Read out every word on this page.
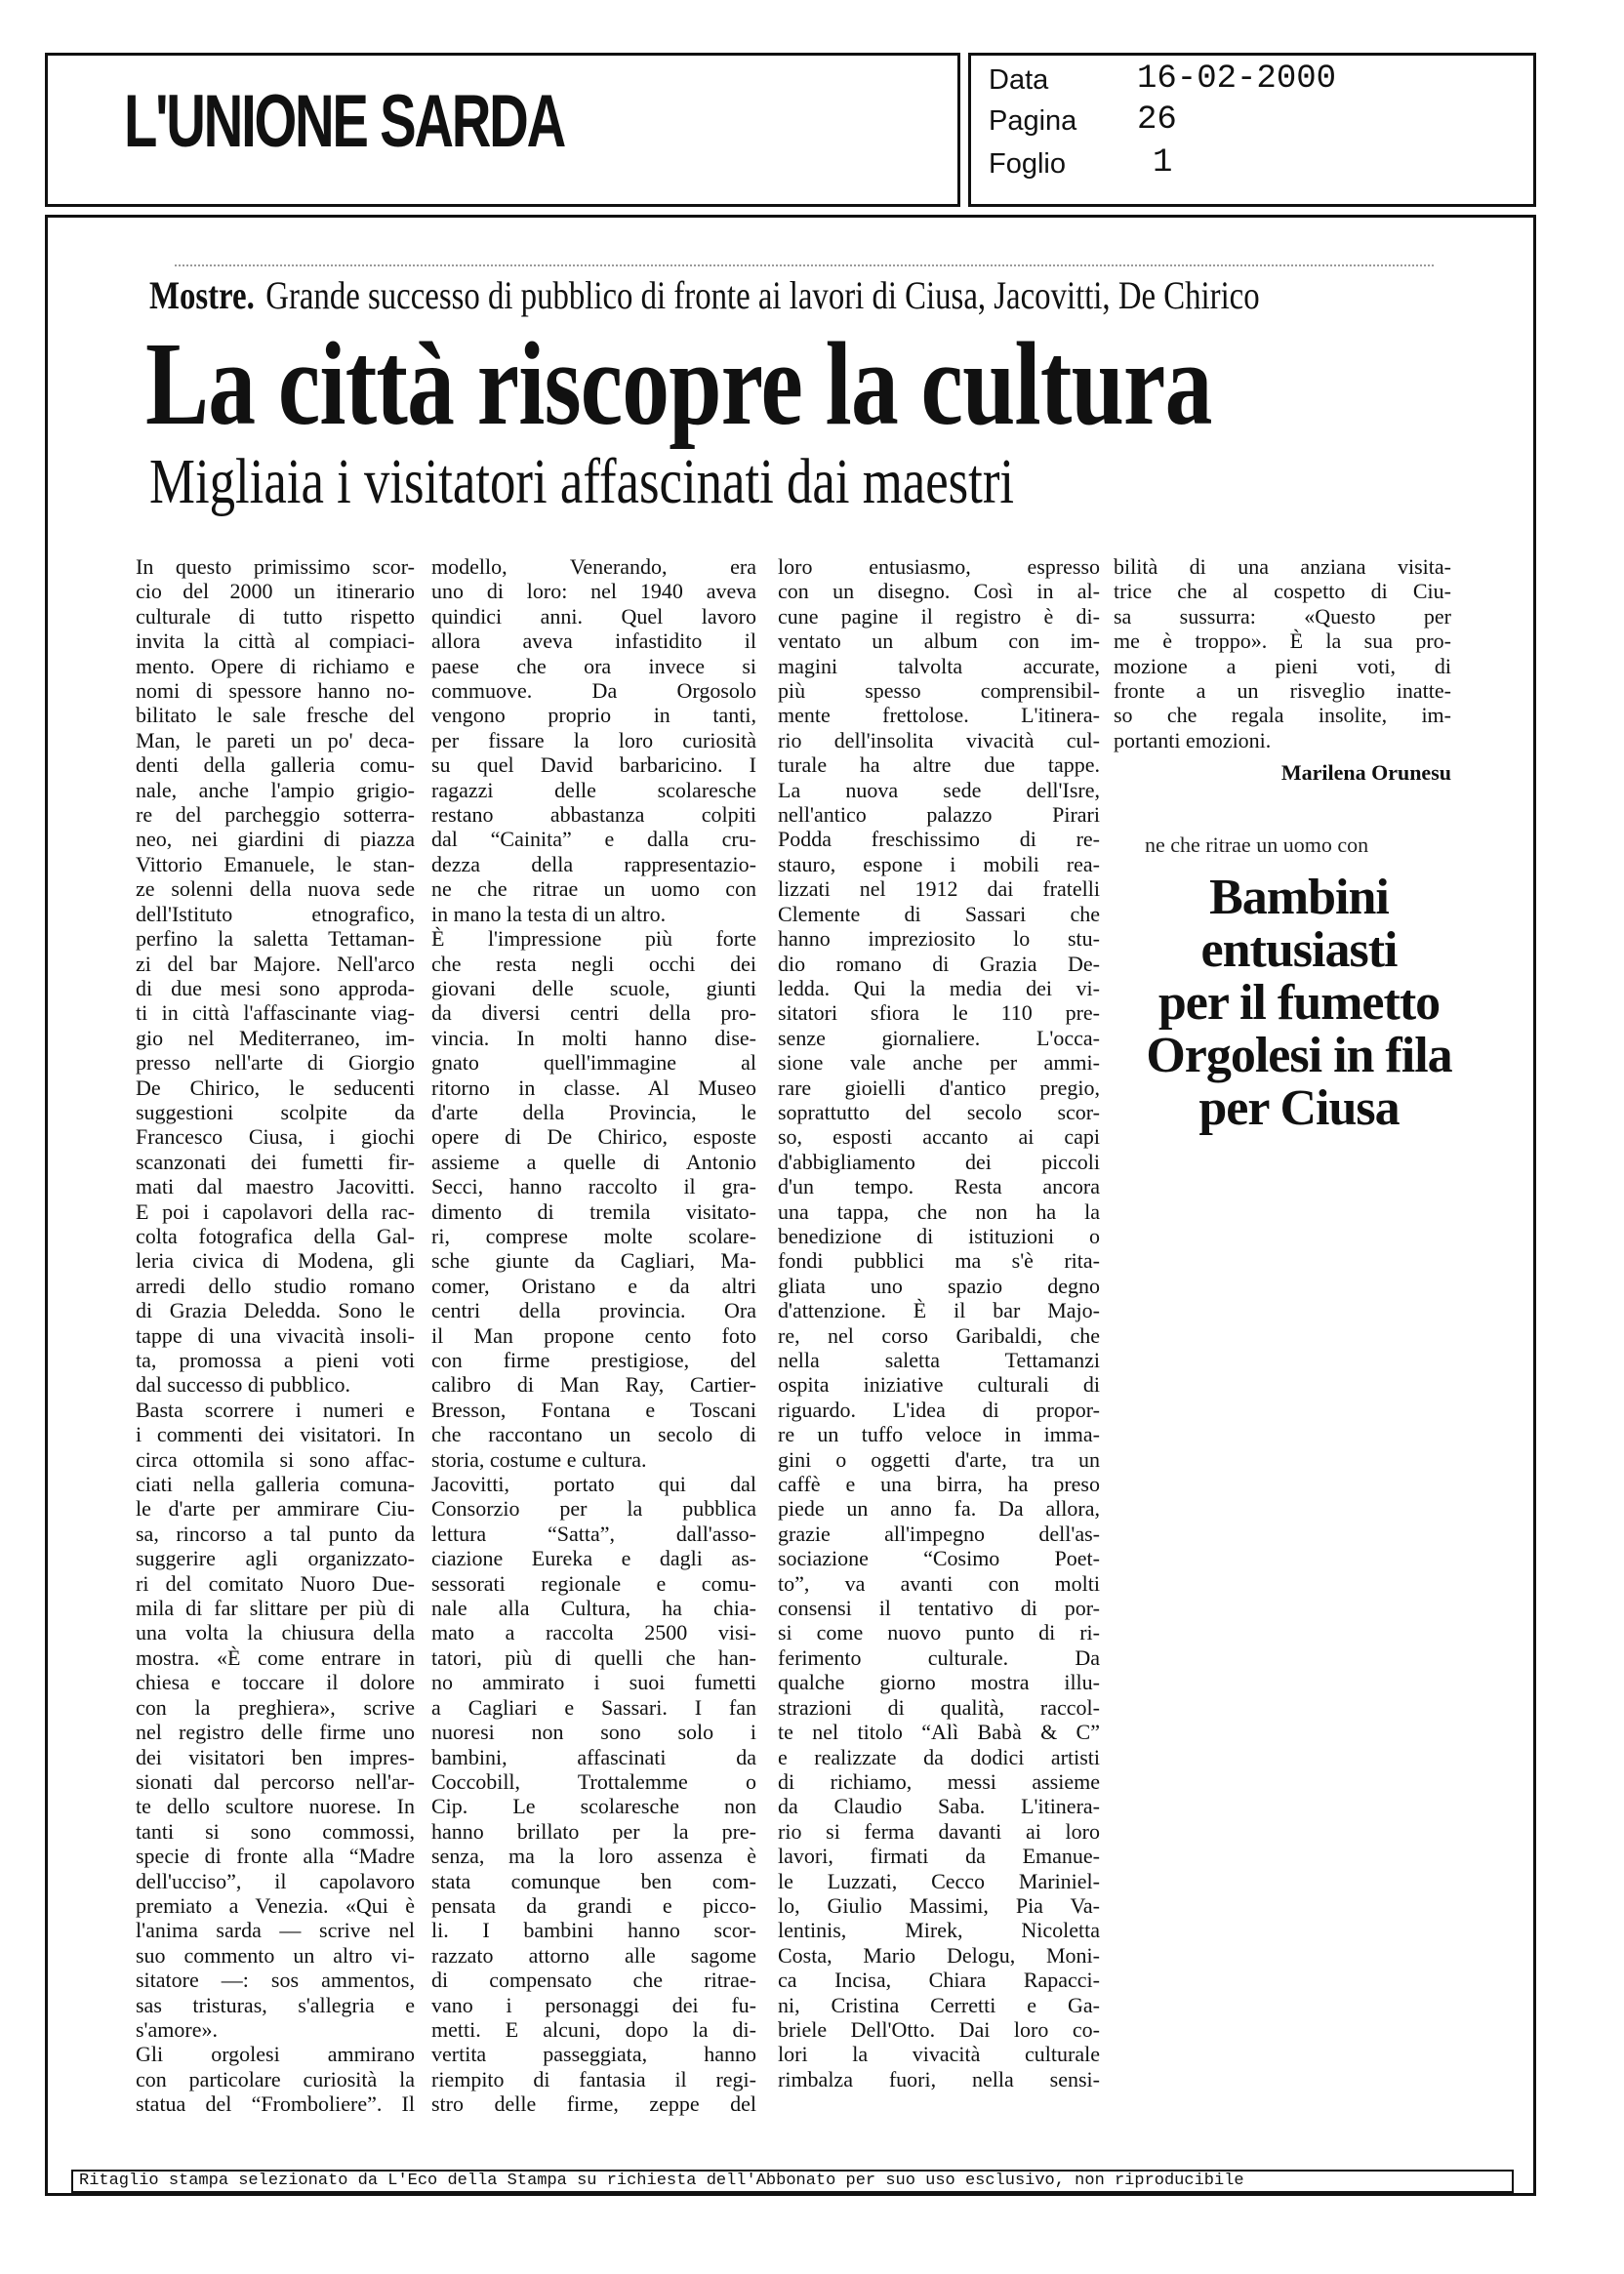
L'UNIONE SARDA	Data	16-02-2000
Pagina 26
Foglio	1
Mostre. Grande successo di pubblico di fronte ai lavori di Ciusa, Jacovitti, De Chirico
La città riscopre la cultura
Migliaia i visitatori affascinati dai maestri
In questo primissimo scor-
cio del 2000 un itinerario
culturale di tutto rispetto
invita la città al compiaci-
mento. Opere di richiamo e
nomi di spessore hanno no-
bilitato le sale fresche del
Man, le pareti un po' deca-
denti della galleria comu-
nale, anche l'ampio grigio-
re del parcheggio sotterra-
neo, nei giardini di piazza
Vittorio Emanuele, le stan-
ze solenni della nuova sede
dell'Istituto etnografico,
perfino la saletta Tettaman-
zi del bar Majore. Nell'arco
di due mesi sono approda-
ti in città l'affascinante viag-
gio nel Mediterraneo, im-
presso nell'arte di Giorgio
De Chirico, le seducenti
suggestioni scolpite da
Francesco Ciusa, i giochi
scanzonati dei fumetti fir-
mati dal maestro Jacovitti.
E poi i capolavori della rac-
colta fotografica della Gal-
leria civica di Modena, gli
arredi dello studio romano
di Grazia Deledda. Sono le
tappe di una vivacità insoli-
ta, promossa a pieni voti
dal successo di pubblico.
Basta scorrere i numeri e
i commenti dei visitatori. In
circa ottomila si sono affac-
ciati nella galleria comuna-
le d'arte per ammirare Ciu-
sa, rincorso a tal punto da
suggerire agli organizzato-
ri del comitato Nuoro Due-
mila di far slittare per più di
una volta la chiusura della
mostra. «È come entrare in
chiesa e toccare il dolore
con la preghiera», scrive
nel registro delle firme uno
dei visitatori ben impres-
sionati dal percorso nell'ar-
te dello scultore nuorese. In
tanti si sono commossi,
specie di fronte alla “Madre
dell'ucciso”, il capolavoro
premiato a Venezia. «Qui è
l'anima sarda — scrive nel
suo commento un altro vi-
sitatore —: sos ammentos,
sas tristuras, s'allegria e
s'amore».
Gli orgolesi ammirano
con particolare curiosità la
statua del “Fromboliere”. Il
modello, Venerando, era
uno di loro: nel 1940 aveva
quindici anni. Quel lavoro
allora aveva infastidito il
paese che ora invece si
commuove. Da Orgosolo
vengono proprio in tanti,
per fissare la loro curiosità
su quel David barbaricino. I
ragazzi delle scolaresche
restano abbastanza colpiti
dal “Cainita” e dalla cru-
dezza della rappresentazio-
ne che ritrae un uomo con
in mano la testa di un altro.
È l'impressione più forte
che resta negli occhi dei
giovani delle scuole, giunti
da diversi centri della pro-
vincia. In molti hanno dise-
gnato quell'immagine al
ritorno in classe. Al Museo
d'arte della Provincia, le
opere di De Chirico, esposte
assieme a quelle di Antonio
Secci, hanno raccolto il gra-
dimento di tremila visitato-
ri, comprese molte scolare-
sche giunte da Cagliari, Ma-
comer, Oristano e da altri
centri della provincia. Ora
il Man propone cento foto
con firme prestigiose, del
calibro di Man Ray, Cartier-
Bresson, Fontana e Toscani
che raccontano un secolo di
storia, costume e cultura.
Jacovitti, portato qui dal
Consorzio per la pubblica
lettura “Satta”, dall'asso-
ciazione Eureka e dagli as-
sessorati regionale e comu-
nale alla Cultura, ha chia-
mato a raccolta 2500 visi-
tatori, più di quelli che han-
no ammirato i suoi fumetti
a Cagliari e Sassari. I fan
nuoresi non sono solo i
bambini, affascinati da
Coccobill, Trottalemme o
Cip. Le scolaresche non
hanno brillato per la pre-
senza, ma la loro assenza è
stata comunque ben com-
pensata da grandi e picco-
li. I bambini hanno scor-
razzato attorno alle sagome
di compensato che ritrae-
vano i personaggi dei fu-
metti. E alcuni, dopo la di-
vertita passeggiata, hanno
riempito di fantasia il regi-
stro delle firme, zeppe del
loro entusiasmo, espresso
con un disegno. Così in al-
cune pagine il registro è di-
ventato un album con im-
magini talvolta accurate,
più spesso comprensibil-
mente frettolose. L'itinera-
rio dell'insolita vivacità cul-
turale ha altre due tappe.
La nuova sede dell'Isre,
nell'antico palazzo Pirari
Podda freschissimo di re-
stauro, espone i mobili rea-
lizzati nel 1912 dai fratelli
Clemente di Sassari che
hanno impreziosito lo stu-
dio romano di Grazia De-
ledda. Qui la media dei vi-
sitatori sfiora le 110 pre-
senze giornaliere. L'occa-
sione vale anche per ammi-
rare gioielli d'antico pregio,
soprattutto del secolo scor-
so, esposti accanto ai capi
d'abbigliamento dei piccoli
d'un tempo. Resta ancora
una tappa, che non ha la
benedizione di istituzioni o
fondi pubblici ma s'è rita-
gliata uno spazio degno
d'attenzione. È il bar Majo-
re, nel corso Garibaldi, che
nella saletta Tettamanzi
ospita iniziative culturali di
riguardo. L'idea di propor-
re un tuffo veloce in imma-
gini o oggetti d'arte, tra un
caffè e una birra, ha preso
piede un anno fa. Da allora,
grazie all'impegno dell'as-
sociazione “Cosimo Poet-
to”, va avanti con molti
consensi il tentativo di por-
si come nuovo punto di ri-
ferimento culturale. Da
qualche giorno mostra illu-
strazioni di qualità, raccol-
te nel titolo “Alì Babà & C”
e realizzate da dodici artisti
di richiamo, messi assieme
da Claudio Saba. L'itinera-
rio si ferma davanti ai loro
lavori, firmati da Emanue-
le Luzzati, Cecco Mariniel-
lo, Giulio Massimi, Pia Va-
lentinis, Mirek, Nicoletta
Costa, Mario Delogu, Moni-
ca Incisa, Chiara Rapacci-
ni, Cristina Cerretti e Ga-
briele Dell'Otto. Dai loro co-
lori la vivacità culturale
rimbalza fuori, nella sensi-
bilità di una anziana visita-
trice che al cospetto di Ciu-
sa sussurra: «Questo per
me è troppo». È la sua pro-
mozione a pieni voti, di
fronte a un risveglio inatte-
so che regala insolite, im-
portanti emozioni.
Marilena Orunesu
ne che ritrae un uomo con
Bambini
entusiasti
per il fumetto
Orgolesi in fila
per Ciusa
Ritaglio stampa selezionato da L'Eco della Stampa su richiesta dell'Abbonato per suo uso esclusivo, non riproducibile
